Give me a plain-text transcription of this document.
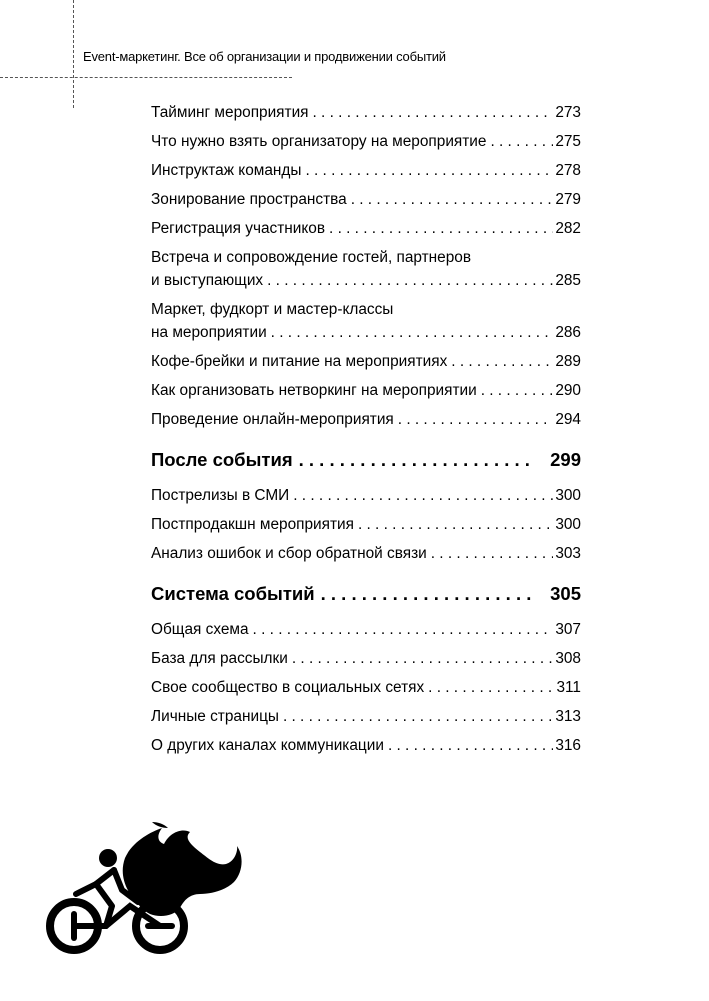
Event-маркетинг. Все об организации и продвижении событий
Тайминг мероприятия . . .	273
Что нужно взять организатору на мероприятие . . .	275
Инструктаж команды . . .	278
Зонирование пространства . . .	279
Регистрация участников . . .	282
Встреча и сопровождение гостей, партнеров
и выступающих . . .	285
Маркет, фудкорт и мастер-классы
на мероприятии . . .	286
Кофе-брейки и питание на мероприятиях . . .	289
Как организовать нетворкинг на мероприятии . . .	290
Проведение онлайн-мероприятия . . .	294
После события . . .	299
Пострелизы в СМИ . . .	300
Постпродакшн мероприятия . . .	300
Анализ ошибок и сбор обратной связи . . .	303
Система событий . . .	305
Общая схема . . .	307
База для рассылки . . .	308
Свое сообщество в социальных сетях . . .	311
Личные страницы . . .	313
О других каналах коммуникации . . .	316
